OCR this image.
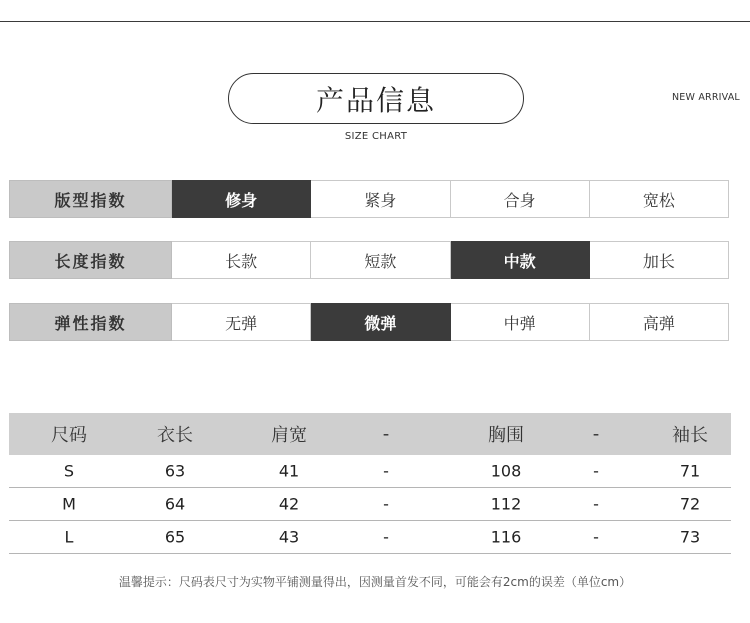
产品信息
SIZE CHART
NEW ARRIVAL
版型指数	修身	紧身	合身	宽松
长度指数	长款	短款	中款	加长
弹性指数	无弹	微弹	中弹	高弹
尺码	衣长	肩宽	-	胸围	-	袖长
S	63	41	-	108	-	71
M	64	42	-	112	-	72
L	65	43	-	116	-	73
温馨提示：尺码表尺寸为实物平铺测量得出，因测量首发不同，可能会有2cm的误差（单位cm）
